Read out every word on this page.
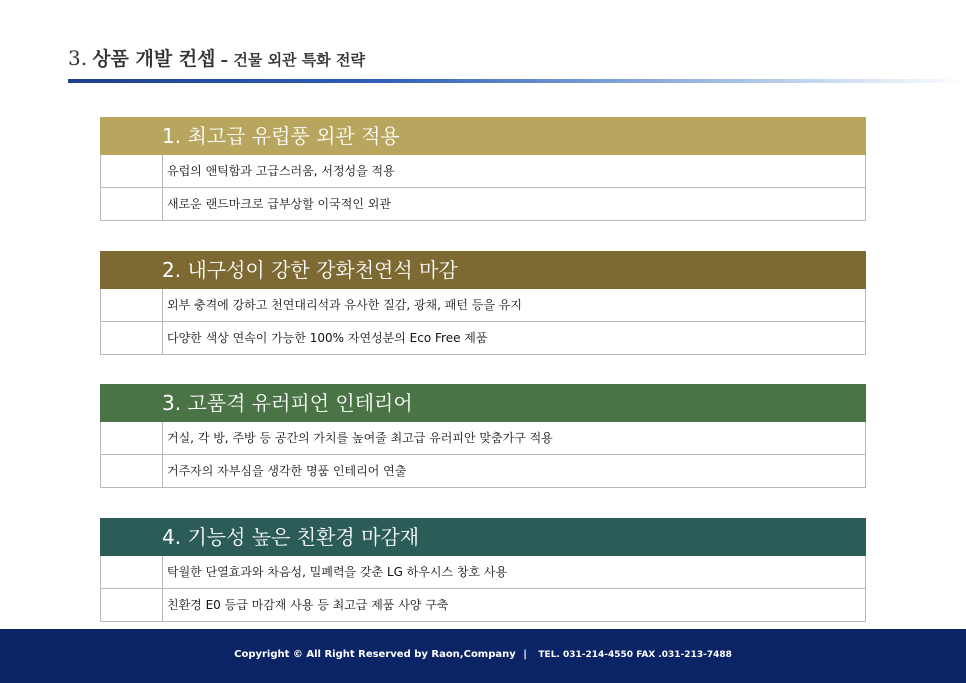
3. 상품 개발 컨셉 – 건물 외관 특화 전략
1. 최고급 유럽풍 외관 적용
유럽의 앤틱함과 고급스러움, 서정성을 적용
새로운 랜드마크로 급부상할 이국적인 외관
2. 내구성이 강한 강화천연석 마감
외부 충격에 강하고 천연대리석과 유사한 질감, 광채, 패턴 등을 유지
다양한 색상 연속이 가능한 100% 자연성분의 Eco Free 제품
3. 고품격 유러피언 인테리어
거실, 각 방, 주방 등 공간의 가치를 높여줄 최고급 유러피안 맞춤가구 적용
거주자의 자부심을 생각한 명품 인테리어 연출
4. 기능성 높은 친환경 마감재
탁월한 단열효과와 차음성, 밀폐력을 갖춘 LG 하우시스 창호 사용
친환경 E0 등급 마감재 사용 등 최고급 제품 사양 구축
Copyright © All Right Reserved by Raon,Company | TEL. 031-214-4550 FAX .031-213-7488
